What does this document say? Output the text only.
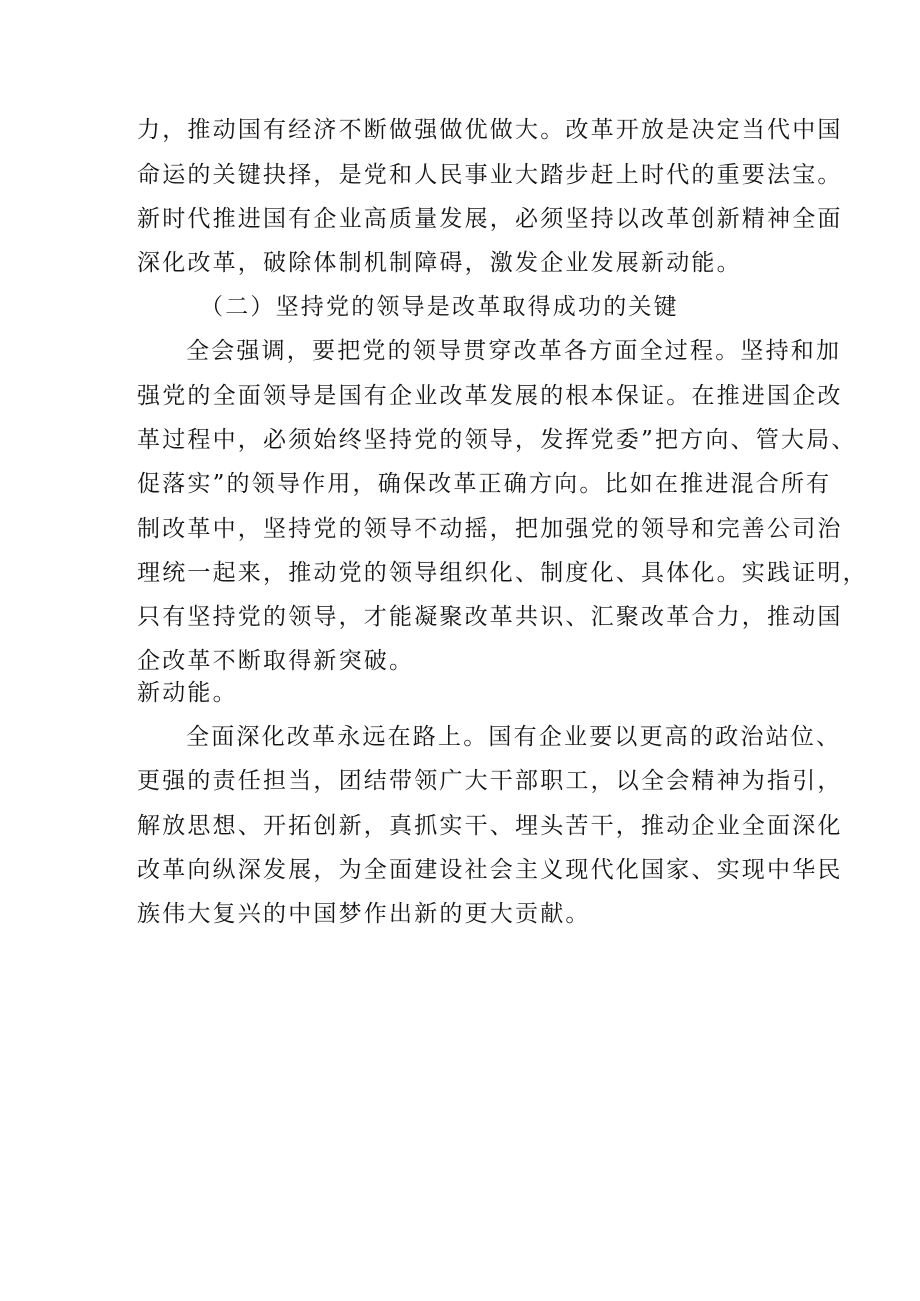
力，推动国有经济不断做强做优做大。改革开放是决定当代中国
命运的关键抉择，是党和人民事业大踏步赶上时代的重要法宝。
新时代推进国有企业高质量发展，必须坚持以改革创新精神全面
深化改革，破除体制机制障碍，激发企业发展新动能。
（二）坚持党的领导是改革取得成功的关键
全会强调，要把党的领导贯穿改革各方面全过程。坚持和加
强党的全面领导是国有企业改革发展的根本保证。在推进国企改
革过程中，必须始终坚持党的领导，发挥党委”把方向、管大局、
促落实”的领导作用，确保改革正确方向。比如在推进混合所有
制改革中，坚持党的领导不动摇，把加强党的领导和完善公司治
理统一起来，推动党的领导组织化、制度化、具体化。实践证明，
只有坚持党的领导，才能凝聚改革共识、汇聚改革合力，推动国
企改革不断取得新突破。
新动能。
全面深化改革永远在路上。国有企业要以更高的政治站位、
更强的责任担当，团结带领广大干部职工，以全会精神为指引，
解放思想、开拓创新，真抓实干、埋头苦干，推动企业全面深化
改革向纵深发展，为全面建设社会主义现代化国家、实现中华民
族伟大复兴的中国梦作出新的更大贡献。
